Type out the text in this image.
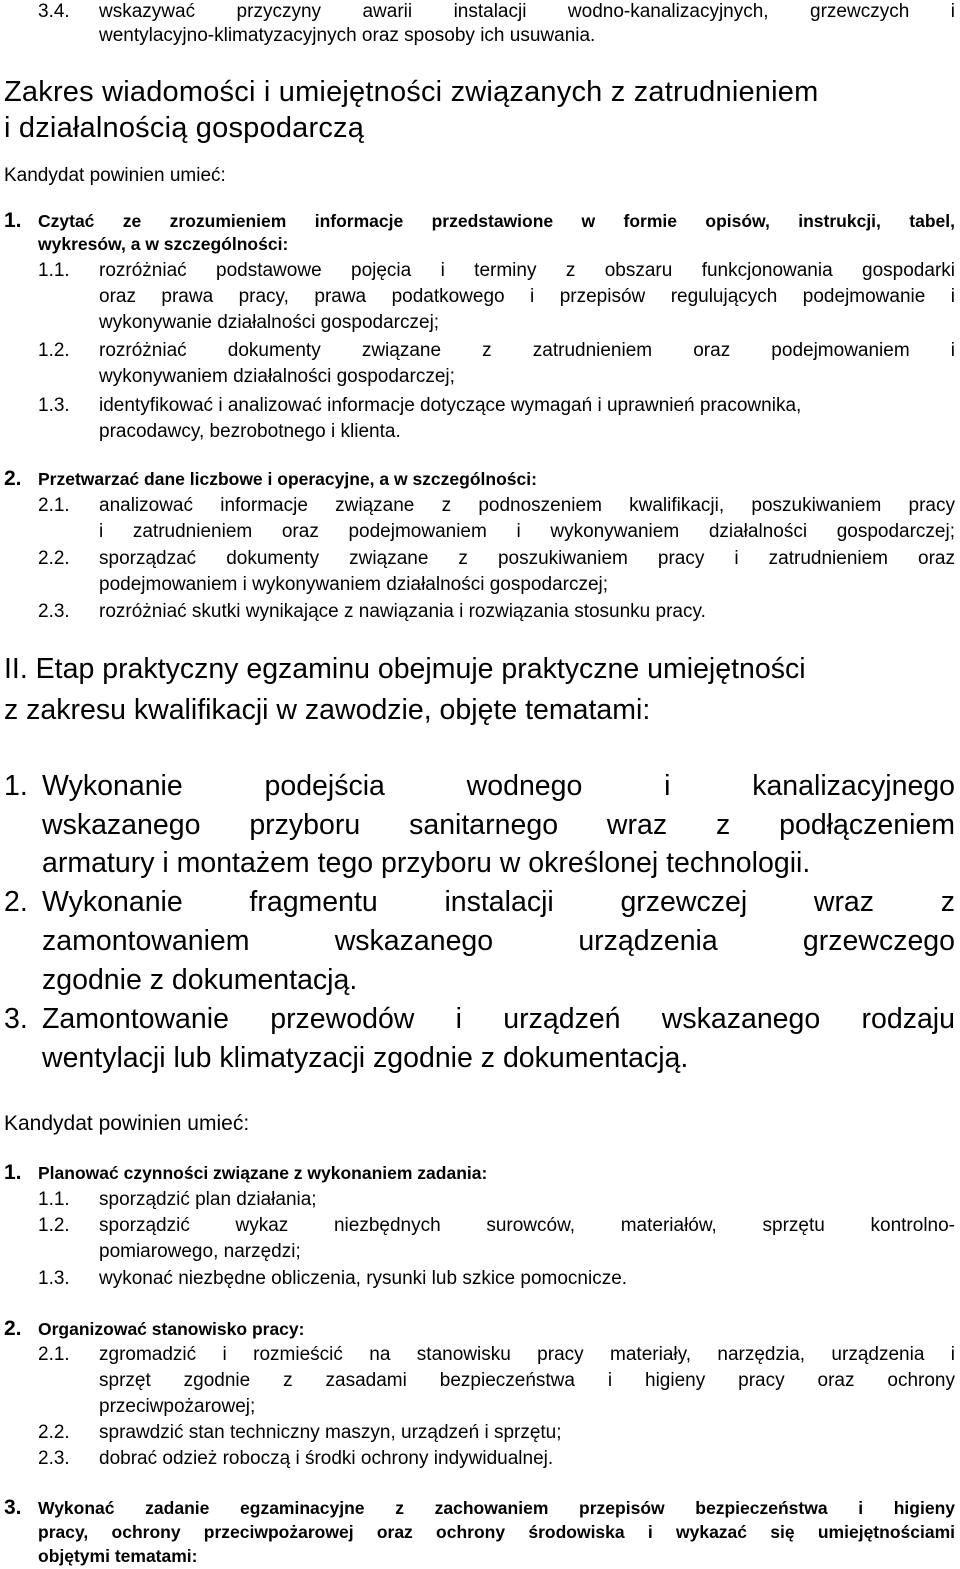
3.4. wskazywać przyczyny awarii instalacji wodno-kanalizacyjnych, grzewczych i
wentylacyjno-klimatyzacyjnych oraz sposoby ich usuwania.
Zakres wiadomości i umiejętności związanych z zatrudnieniem
i działalnością gospodarczą
Kandydat powinien umieć:
1. Czytać ze zrozumieniem informacje przedstawione w formie opisów, instrukcji, tabel,
wykresów, a w szczególności:
1.1. rozróżniać podstawowe pojęcia i terminy z obszaru funkcjonowania gospodarki
oraz prawa pracy, prawa podatkowego i przepisów regulujących podejmowanie i
wykonywanie działalności gospodarczej;
1.2. rozróżniać dokumenty związane z zatrudnieniem oraz podejmowaniem i
wykonywaniem działalności gospodarczej;
1.3. identyfikować i analizować informacje dotyczące wymagań i uprawnień pracownika,
pracodawcy, bezrobotnego i klienta.
2. Przetwarzać dane liczbowe i operacyjne, a w szczególności:
2.1. analizować informacje związane z podnoszeniem kwalifikacji, poszukiwaniem pracy
i zatrudnieniem oraz podejmowaniem i wykonywaniem działalności gospodarczej;
2.2. sporządzać dokumenty związane z poszukiwaniem pracy i zatrudnieniem oraz
podejmowaniem i wykonywaniem działalności gospodarczej;
2.3. rozróżniać skutki wynikające z nawiązania i rozwiązania stosunku pracy.
II. Etap praktyczny egzaminu obejmuje praktyczne umiejętności
z zakresu kwalifikacji w zawodzie, objęte tematami:
1. Wykonanie podejścia wodnego i kanalizacyjnego
wskazanego przyboru sanitarnego wraz z podłączeniem
armatury i montażem tego przyboru w określonej technologii.
2. Wykonanie fragmentu instalacji grzewczej wraz z
zamontowaniem wskazanego urządzenia grzewczego
zgodnie z dokumentacją.
3. Zamontowanie przewodów i urządzeń wskazanego rodzaju
wentylacji lub klimatyzacji zgodnie z dokumentacją.
Kandydat powinien umieć:
1. Planować czynności związane z wykonaniem zadania:
1.1. sporządzić plan działania;
1.2. sporządzić wykaz niezbędnych surowców, materiałów, sprzętu kontrolno-
pomiarowego, narzędzi;
1.3. wykonać niezbędne obliczenia, rysunki lub szkice pomocnicze.
2. Organizować stanowisko pracy:
2.1. zgromadzić i rozmieścić na stanowisku pracy materiały, narzędzia, urządzenia i
sprzęt zgodnie z zasadami bezpieczeństwa i higieny pracy oraz ochrony
przeciwpożarowej;
2.2. sprawdzić stan techniczny maszyn, urządzeń i sprzętu;
2.3. dobrać odzież roboczą i środki ochrony indywidualnej.
3. Wykonać zadanie egzaminacyjne z zachowaniem przepisów bezpieczeństwa i higieny
pracy, ochrony przeciwpożarowej oraz ochrony środowiska i wykazać się umiejętnościami
objętymi tematami:
